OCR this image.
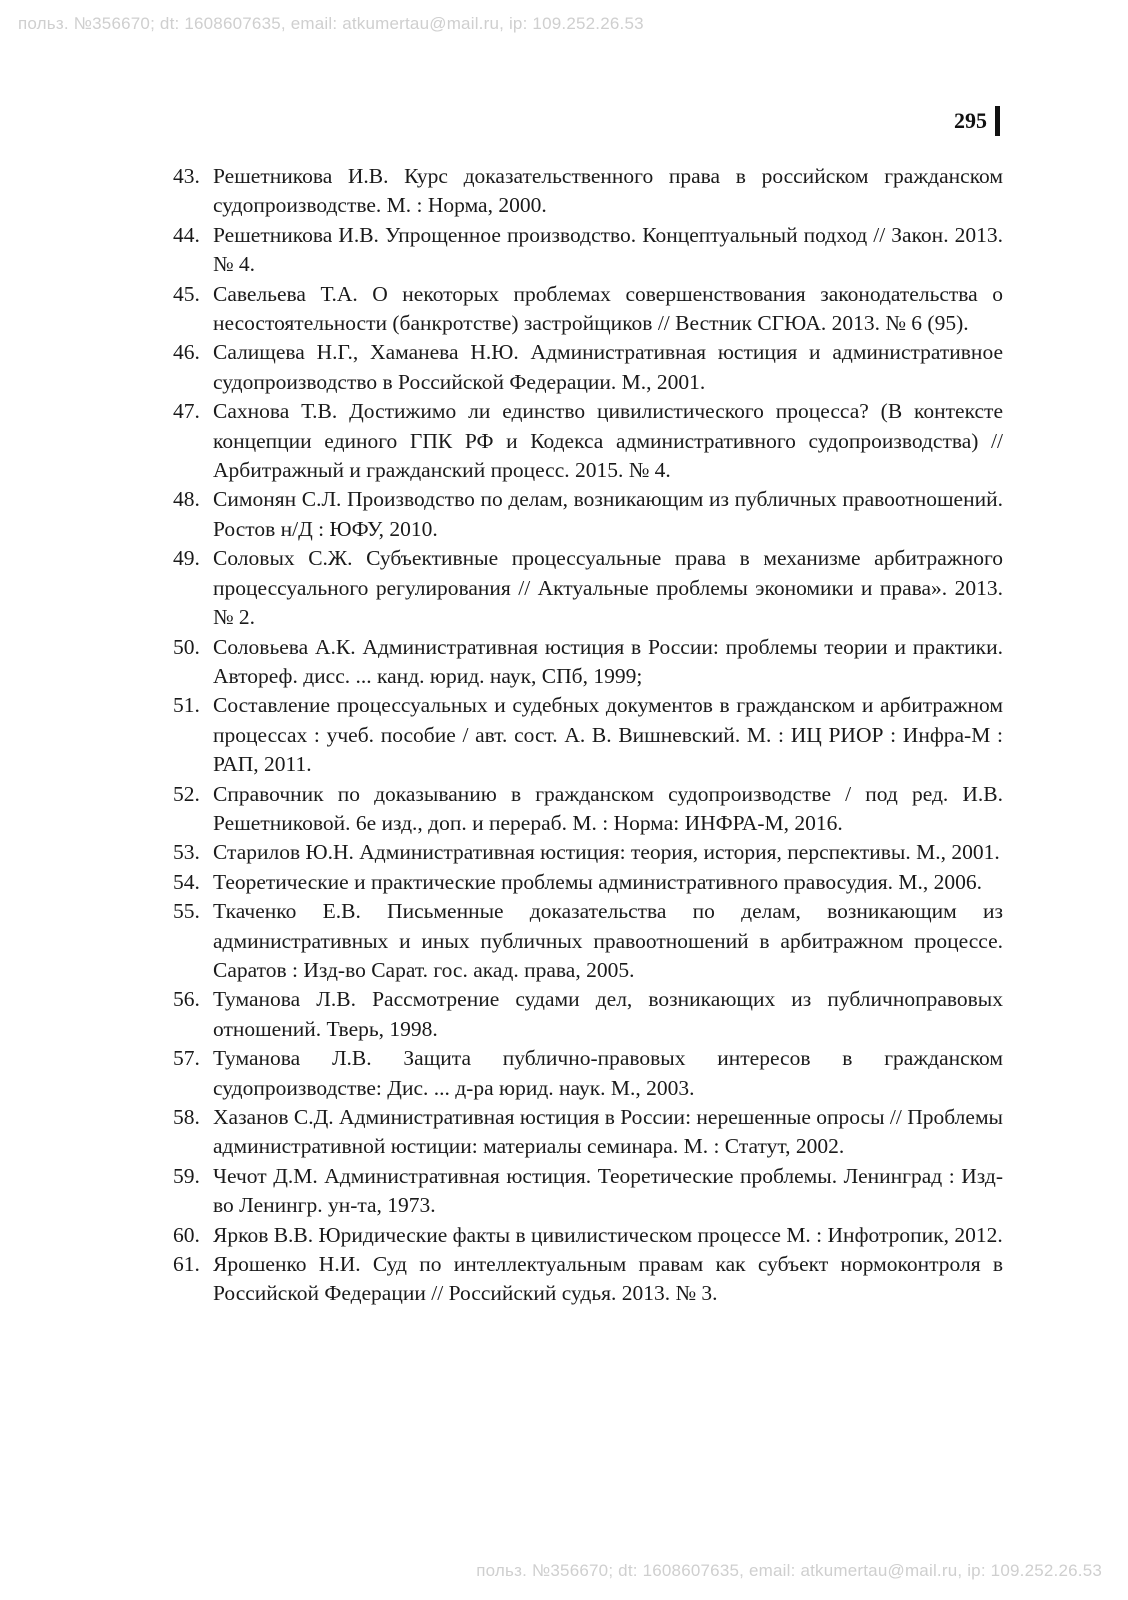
польз. №356670; dt: 1608607635, email: atkumertau@mail.ru, ip: 109.252.26.53
295
43. Решетникова И.В. Курс доказательственного права в российском гражданском судопроизводстве. М. : Норма, 2000.
44. Решетникова И.В. Упрощенное производство. Концептуальный подход // Закон. 2013. № 4.
45. Савельева Т.А. О некоторых проблемах совершенствования законодательства о несостоятельности (банкротстве) застройщиков // Вестник СГЮА. 2013. № 6 (95).
46. Салищева Н.Г., Хаманева Н.Ю. Административная юстиция и административное судопроизводство в Российской Федерации. М., 2001.
47. Сахнова Т.В. Достижимо ли единство цивилистического процесса? (В контексте концепции единого ГПК РФ и Кодекса административного судопроизводства) // Арбитражный и гражданский процесс. 2015. № 4.
48. Симонян С.Л. Производство по делам, возникающим из публичных правоотношений. Ростов н/Д : ЮФУ, 2010.
49. Соловых С.Ж. Субъективные процессуальные права в механизме арбитражного процессуального регулирования // Актуальные проблемы экономики и права». 2013. № 2.
50. Соловьева А.К. Административная юстиция в России: проблемы теории и практики. Автореф. дисс. ... канд. юрид. наук, СПб, 1999;
51. Составление процессуальных и судебных документов в гражданском и арбитражном процессах : учеб. пособие / авт. сост. А. В. Вишневский. М. : ИЦ РИОР : Инфра-М : РАП, 2011.
52. Справочник по доказыванию в гражданском судопроизводстве / под ред. И.В. Решетниковой. 6е изд., доп. и перераб. М. : Норма: ИНФРА-М, 2016.
53. Старилов Ю.Н. Административная юстиция: теория, история, перспективы. М., 2001.
54. Теоретические и практические проблемы административного правосудия. М., 2006.
55. Ткаченко Е.В. Письменные доказательства по делам, возникающим из административных и иных публичных правоотношений в арбитражном процессе. Саратов : Изд-во Сарат. гос. акад. права, 2005.
56. Туманова Л.В. Рассмотрение судами дел, возникающих из публичноправовых отношений. Тверь, 1998.
57. Туманова Л.В. Защита публично-правовых интересов в гражданском судопроизводстве: Дис. ... д-ра юрид. наук. М., 2003.
58. Хазанов С.Д. Административная юстиция в России: нерешенные опросы // Проблемы административной юстиции: материалы семинара. М. : Статут, 2002.
59. Чечот Д.М. Административная юстиция. Теоретические проблемы. Ленинград : Изд-во Ленингр. ун-та, 1973.
60. Ярков В.В. Юридические факты в цивилистическом процессе М. : Инфотропик, 2012.
61. Ярошенко Н.И. Суд по интеллектуальным правам как субъект нормоконтроля в Российской Федерации // Российский судья. 2013. № 3.
польз. №356670; dt: 1608607635, email: atkumertau@mail.ru, ip: 109.252.26.53
